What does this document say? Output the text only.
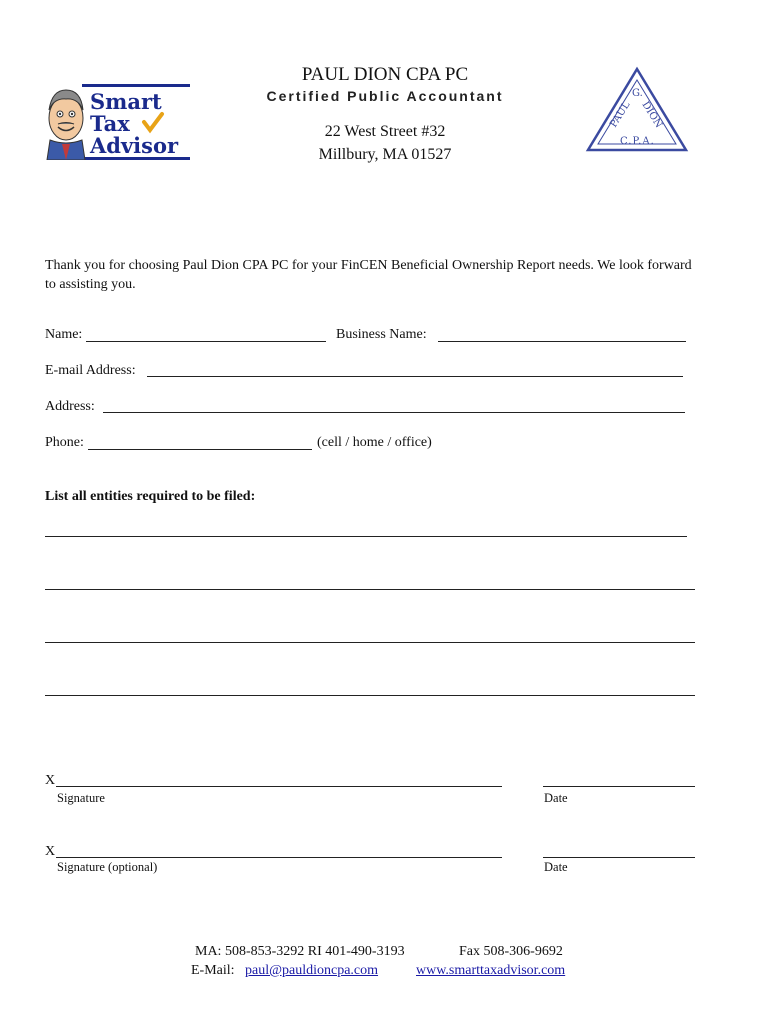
Smart
Tax
Advisor
PAUL DION CPA PC
Certified Public Accountant
22 West Street #32
Millbury, MA 01527
G.
PAUL DION
C.P.A.
Thank you for choosing Paul Dion CPA PC for your FinCEN Beneficial Ownership Report needs. We look forward to assisting you.
Name:	Business Name:
E-mail Address:
Address:
Phone:	(cell / home / office)
List all entities required to be filed:
X
Signature	Date
X
Signature (optional)	Date
MA: 508-853-3292 RI 401-490-3193	Fax 508-306-9692
E-Mail: paul@pauldioncpa.com	www.smarttaxadvisor.com
